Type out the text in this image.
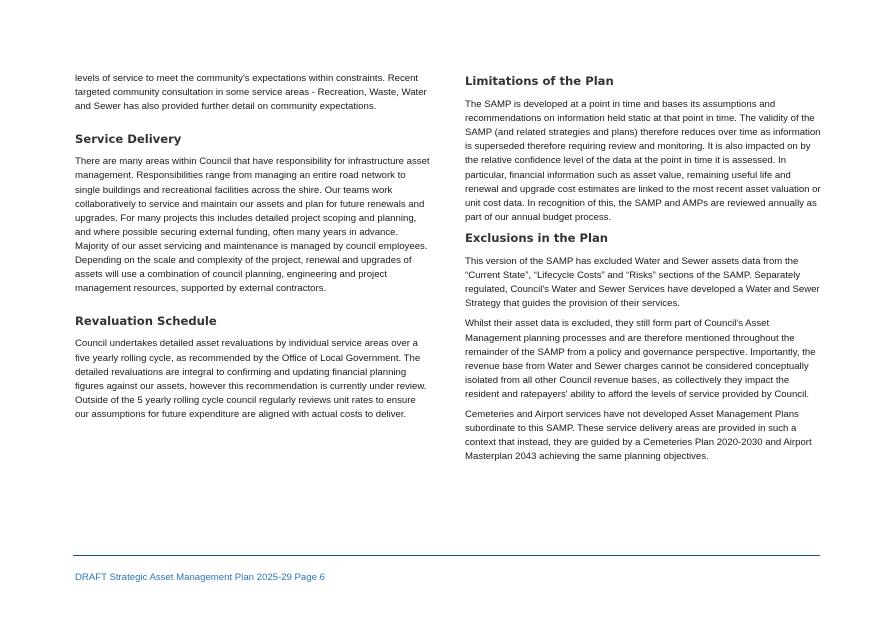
levels of service to meet the community's expectations within constraints. Recent targeted community consultation in some service areas - Recreation, Waste, Water and Sewer has also provided further detail on community expectations.

Service Delivery

There are many areas within Council that have responsibility for infrastructure asset management. Responsibilities range from managing an entire road network to single buildings and recreational facilities across the shire. Our teams work collaboratively to service and maintain our assets and plan for future renewals and upgrades. For many projects this includes detailed project scoping and planning, and where possible securing external funding, often many years in advance. Majority of our asset servicing and maintenance is managed by council employees. Depending on the scale and complexity of the project, renewal and upgrades of assets will use a combination of council planning, engineering and project management resources, supported by external contractors.

Revaluation Schedule

Council undertakes detailed asset revaluations by individual service areas over a five yearly rolling cycle, as recommended by the Office of Local Government. The detailed revaluations are integral to confirming and updating financial planning figures against our assets, however this recommendation is currently under review. Outside of the 5 yearly rolling cycle council regularly reviews unit rates to ensure our assumptions for future expenditure are aligned with actual costs to deliver.

Limitations of the Plan

The SAMP is developed at a point in time and bases its assumptions and recommendations on information held static at that point in time. The validity of the SAMP (and related strategies and plans) therefore reduces over time as information is superseded therefore requiring review and monitoring. It is also impacted on by the relative confidence level of the data at the point in time it is assessed. In particular, financial information such as asset value, remaining useful life and renewal and upgrade cost estimates are linked to the most recent asset valuation or unit cost data. In recognition of this, the SAMP and AMPs are reviewed annually as part of our annual budget process.

Exclusions in the Plan

This version of the SAMP has excluded Water and Sewer assets data from the “Current State”, “Lifecycle Costs” and “Risks” sections of the SAMP. Separately regulated, Council's Water and Sewer Services have developed a Water and Sewer Strategy that guides the provision of their services.

Whilst their asset data is excluded, they still form part of Council's Asset Management planning processes and are therefore mentioned throughout the remainder of the SAMP from a policy and governance perspective. Importantly, the revenue base from Water and Sewer charges cannot be considered conceptually isolated from all other Council revenue bases, as collectively they impact the resident and ratepayers' ability to afford the levels of service provided by Council.

Cemeteries and Airport services have not developed Asset Management Plans subordinate to this SAMP. These service delivery areas are provided in such a context that instead, they are guided by a Cemeteries Plan 2020-2030 and Airport Masterplan 2043 achieving the same planning objectives.

DRAFT Strategic Asset Management Plan 2025-29 Page 6
